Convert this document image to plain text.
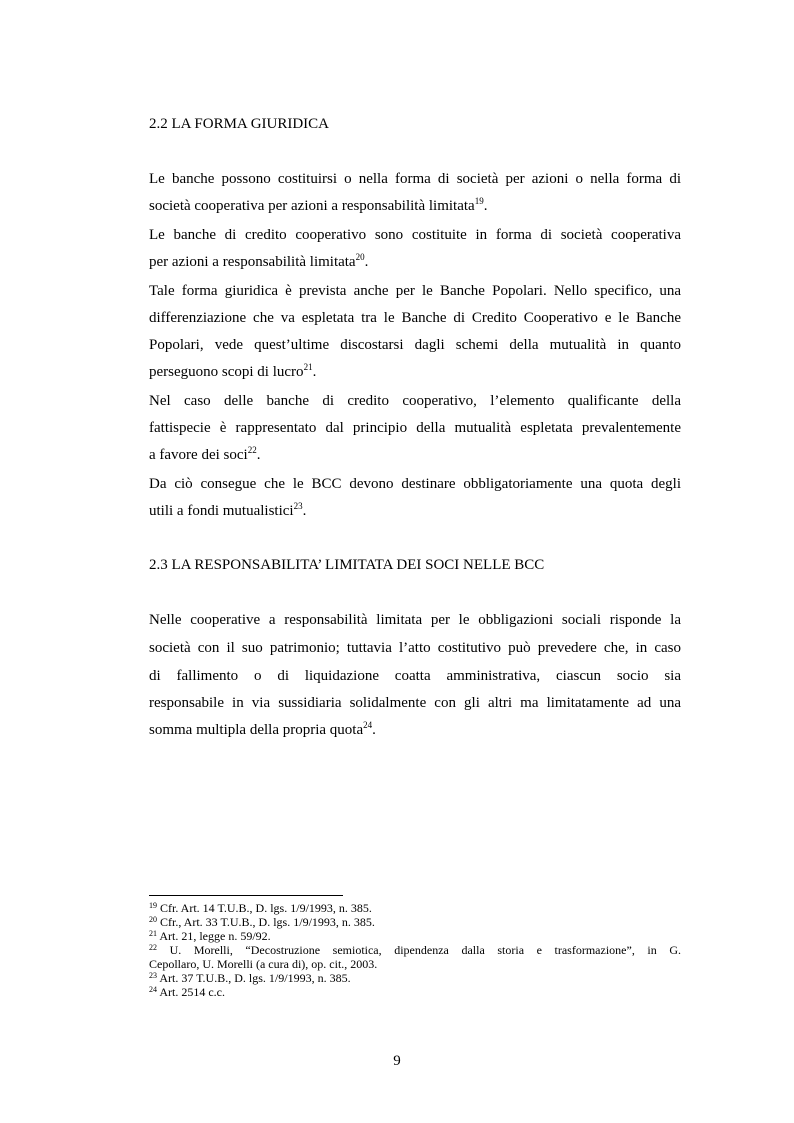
2.2 LA FORMA GIURIDICA
Le banche possono costituirsi o nella forma di società per azioni o nella forma di
società cooperativa per azioni a responsabilità limitata$^{19}$.
Le banche di credito cooperativo sono costituite in forma di società cooperativa
per azioni a responsabilità limitata$^{20}$.
Tale forma giuridica è prevista anche per le Banche Popolari. Nello specifico, una
differenziazione che va espletata tra le Banche di Credito Cooperativo e le Banche
Popolari, vede quest’ultime discostarsi dagli schemi della mutualità in quanto
perseguono scopi di lucro$^{21}$.
Nel caso delle banche di credito cooperativo, l’elemento qualificante della
fattispecie è rappresentato dal principio della mutualità espletata prevalentemente
a favore dei soci$^{22}$.
Da ciò consegue che le BCC devono destinare obbligatoriamente una quota degli
utili a fondi mutualistici$^{23}$.
2.3 LA RESPONSABILITA’ LIMITATA DEI SOCI NELLE BCC
Nelle cooperative a responsabilità limitata per le obbligazioni sociali risponde la
società con il suo patrimonio; tuttavia l’atto costitutivo può prevedere che, in caso
di fallimento o di liquidazione coatta amministrativa, ciascun socio sia
responsabile in via sussidiaria solidalmente con gli altri ma limitatamente ad una
somma multipla della propria quota$^{24}$.
$^{19}$ Cfr. Art. 14 T.U.B., D. lgs. 1/9/1993, n. 385.
$^{20}$ Cfr., Art. 33 T.U.B., D. lgs. 1/9/1993, n. 385.
$^{21}$ Art. 21, legge n. 59/92.
$^{22}$ U. Morelli, “Decostruzione semiotica, dipendenza dalla storia e trasformazione”, in G.
Cepollaro, U. Morelli (a cura di), op. cit., 2003.
$^{23}$ Art. 37 T.U.B., D. lgs. 1/9/1993, n. 385.
$^{24}$ Art. 2514 c.c.
9
